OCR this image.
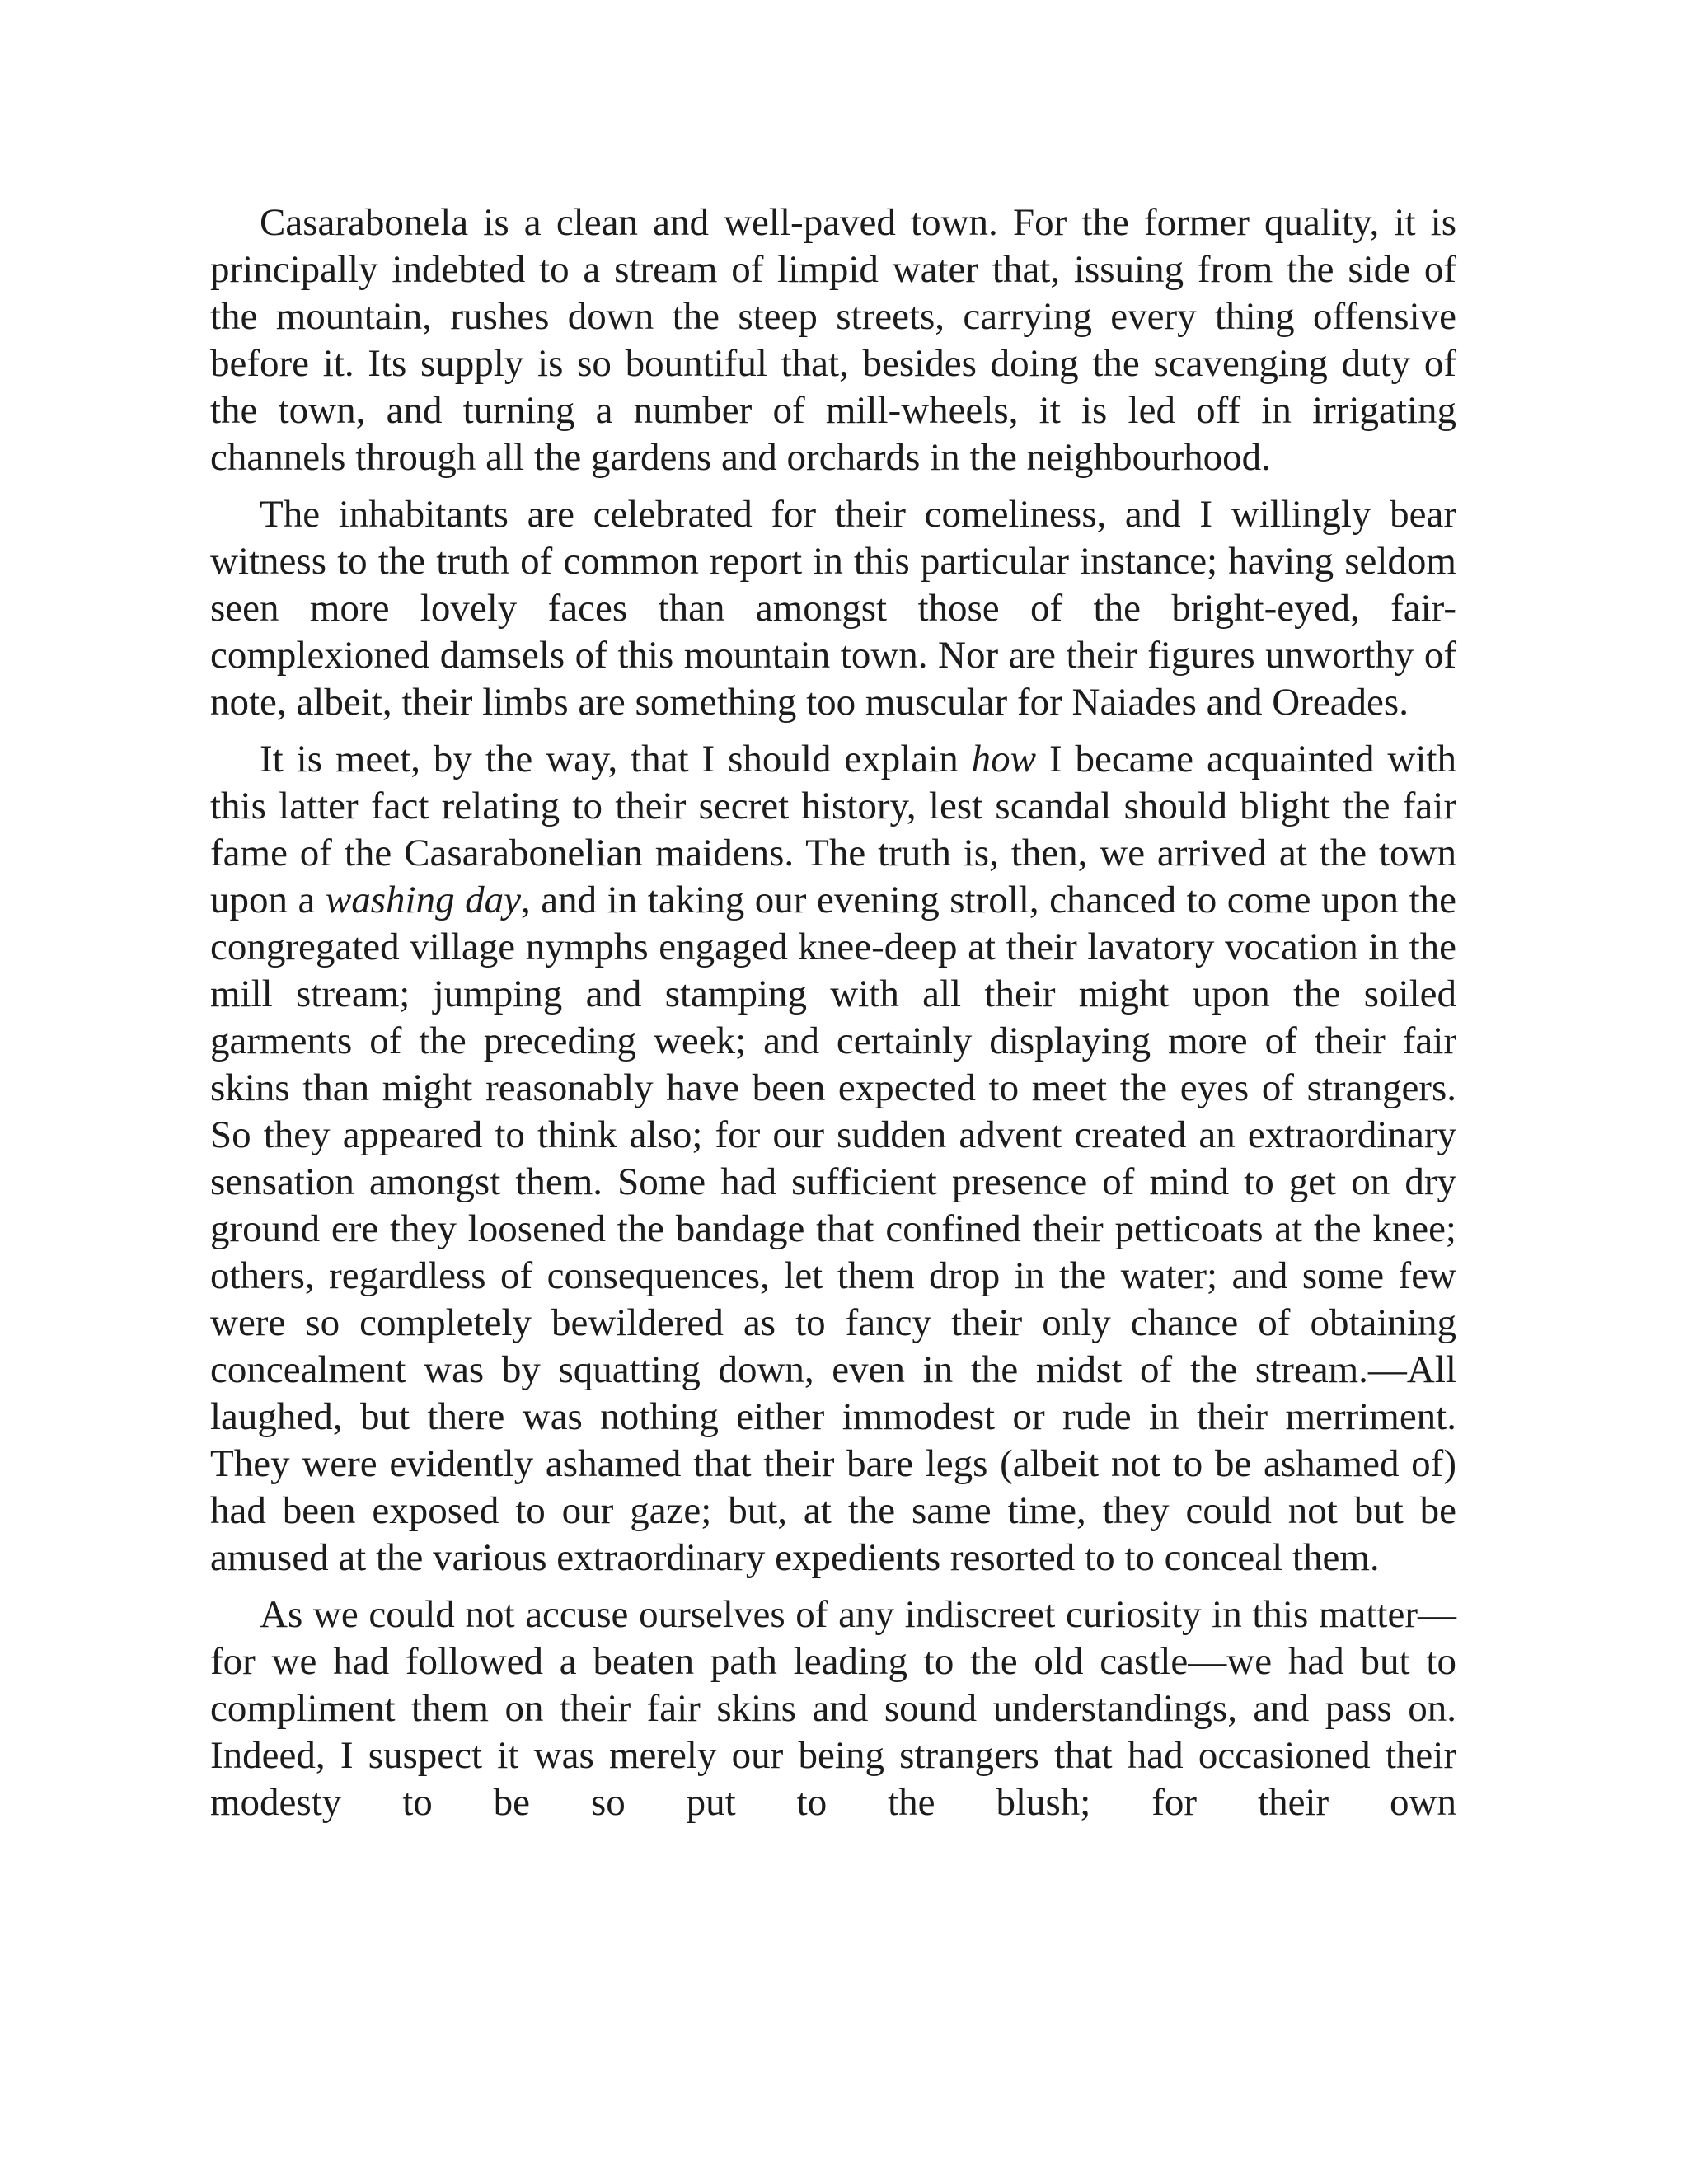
Casarabonela is a clean and well-paved town. For the former quality, it is principally indebted to a stream of limpid water that, issuing from the side of the mountain, rushes down the steep streets, carrying every thing offensive before it. Its supply is so bountiful that, besides doing the scavenging duty of the town, and turning a number of mill-wheels, it is led off in irrigating channels through all the gardens and orchards in the neighbourhood.

The inhabitants are celebrated for their comeliness, and I willingly bear witness to the truth of common report in this particular instance; having seldom seen more lovely faces than amongst those of the bright-eyed, fair-complexioned damsels of this mountain town. Nor are their figures unworthy of note, albeit, their limbs are something too muscular for Naiades and Oreades.

It is meet, by the way, that I should explain how I became acquainted with this latter fact relating to their secret history, lest scandal should blight the fair fame of the Casarabonelian maidens. The truth is, then, we arrived at the town upon a washing day, and in taking our evening stroll, chanced to come upon the congregated village nymphs engaged knee-deep at their lavatory vocation in the mill stream; jumping and stamping with all their might upon the soiled garments of the preceding week; and certainly displaying more of their fair skins than might reasonably have been expected to meet the eyes of strangers. So they appeared to think also; for our sudden advent created an extraordinary sensation amongst them. Some had sufficient presence of mind to get on dry ground ere they loosened the bandage that confined their petticoats at the knee; others, regardless of consequences, let them drop in the water; and some few were so completely bewildered as to fancy their only chance of obtaining concealment was by squatting down, even in the midst of the stream.—All laughed, but there was nothing either immodest or rude in their merriment. They were evidently ashamed that their bare legs (albeit not to be ashamed of) had been exposed to our gaze; but, at the same time, they could not but be amused at the various extraordinary expedients resorted to to conceal them.

As we could not accuse ourselves of any indiscreet curiosity in this matter—for we had followed a beaten path leading to the old castle—we had but to compliment them on their fair skins and sound understandings, and pass on. Indeed, I suspect it was merely our being strangers that had occasioned their modesty to be so put to the blush; for their own
